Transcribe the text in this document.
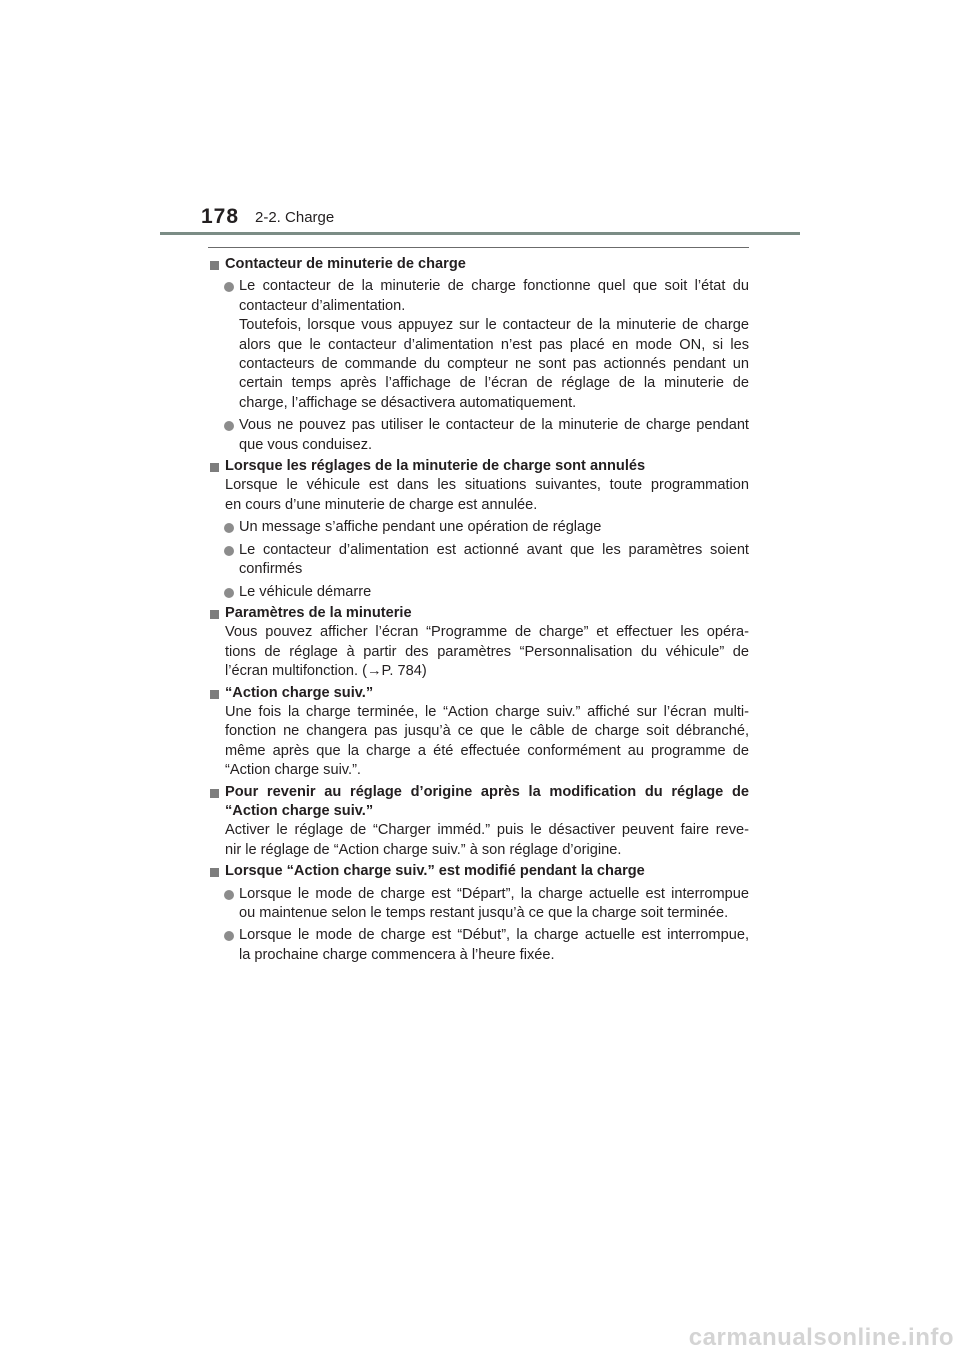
178 2-2. Charge
Contacteur de minuterie de charge
Le contacteur de la minuterie de charge fonctionne quel que soit l’état du
contacteur d’alimentation.
Toutefois, lorsque vous appuyez sur le contacteur de la minuterie de charge
alors que le contacteur d’alimentation n’est pas placé en mode ON, si les
contacteurs de commande du compteur ne sont pas actionnés pendant un
certain temps après l’affichage de l’écran de réglage de la minuterie de
charge, l’affichage se désactivera automatiquement.
Vous ne pouvez pas utiliser le contacteur de la minuterie de charge pendant
que vous conduisez.
Lorsque les réglages de la minuterie de charge sont annulés
Lorsque le véhicule est dans les situations suivantes, toute programmation
en cours d’une minuterie de charge est annulée.
Un message s’affiche pendant une opération de réglage
Le contacteur d’alimentation est actionné avant que les paramètres soient
confirmés
Le véhicule démarre
Paramètres de la minuterie
Vous pouvez afficher l’écran “Programme de charge” et effectuer les opéra-
tions de réglage à partir des paramètres “Personnalisation du véhicule” de
l’écran multifonction. (→P. 784)
“Action charge suiv.”
Une fois la charge terminée, le “Action charge suiv.” affiché sur l’écran multi-
fonction ne changera pas jusqu’à ce que le câble de charge soit débranché,
même après que la charge a été effectuée conformément au programme de
“Action charge suiv.”.
Pour revenir au réglage d’origine après la modification du réglage de
“Action charge suiv.”
Activer le réglage de “Charger imméd.” puis le désactiver peuvent faire reve-
nir le réglage de “Action charge suiv.” à son réglage d’origine.
Lorsque “Action charge suiv.” est modifié pendant la charge
Lorsque le mode de charge est “Départ”, la charge actuelle est interrompue
ou maintenue selon le temps restant jusqu’à ce que la charge soit terminée.
Lorsque le mode de charge est “Début”, la charge actuelle est interrompue,
la prochaine charge commencera à l’heure fixée.
carmanualsonline.info
